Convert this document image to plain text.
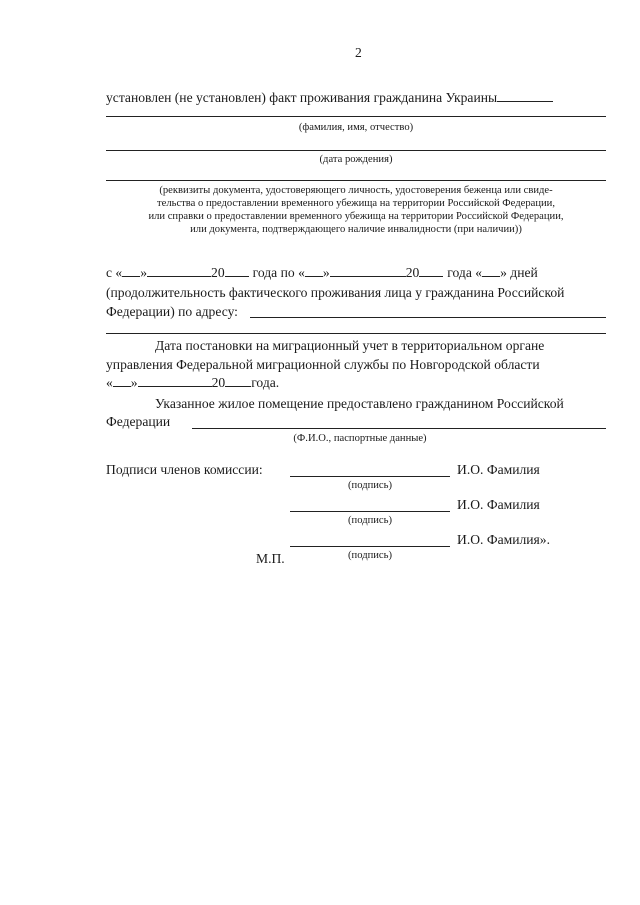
2
установлен (не установлен) факт проживания гражданина Украины
(фамилия, имя, отчество)
(дата рождения)
(реквизиты документа, удостоверяющего личность, удостоверения беженца или свиде-
тельства о предоставлении временного убежища на территории Российской Федерации,
или справки о предоставлении временного убежища на территории Российской Федерации,
или документа, подтверждающего наличие инвалидности (при наличии))
с « »	20 года по « »	20 года « » дней
(продолжительность фактического проживания лица у гражданина Российской
Федерации) по адресу:
Дата постановки на миграционный учет в территориальном органе
управления Федеральной миграционной службы по Новгородской области
« »	20 года.
Указанное жилое помещение предоставлено гражданином Российской
Федерации
(Ф.И.О., паспортные данные)
Подписи членов комиссии:	И.О. Фамилия
(подпись)
И.О. Фамилия
(подпись)
И.О. Фамилия».
М.П.	(подпись)
